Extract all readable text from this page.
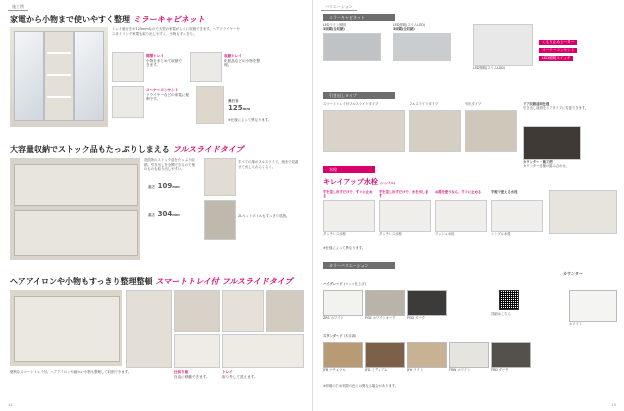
施工例
家電から小物まで使いやすく整理 ミラーキャビネット
トレイ奥行きが125mmなので大型の家電がらくに収納できます。ヘアドライヤーやスタイリング家電も取り出しやすく、小物もすっきり。
開閉トレイ
小物をまとめて収納できます。
収納トレイ
化粧品などの小物を整理。
コーナーコンセント
ドライヤーなどの家電に便利です。	奥行き
125mm
※仕様によって異なります。
大容量収納でストック品もたっぷりしまえる フルスライドタイプ
洗面所のストック品をたっぷり収納。引き出しを全開できるので奥のものも取り出しやすい。
高さ 109mm
高さ 304mm
すべての扉がフルスライド。奥まで見渡せて出し入れらくらく。
2Lペットボトルもすっきり収納。
ヘアアイロンや小物もすっきり整理整頓 スマートトレイ付 フルスライドタイプ
便利なスマートトレイ付。ヘアアイロンや細かい小物も整理して収納できます。	仕切り板
自由に移動できます。
トレイ
取り外して洗えます。
14
バリエーション
ミラーキャビネット
LEDライン照明
3面鏡(全収納)
LED照明(スリムLED)
3面鏡(全収納)
LED照明(スリムLED)
くもり止めヒーター
コーナーコンセント
LED照明スイッチ
引き出しタイプ
スマートトレイ付フルスライドタイプ	フルスライドタイプ	引出タイプ	ドア収納前面仕様
引き出し前面をドアタイプに変更できます。
カウンター・施工例
カウンター仕様の組み合わせ。
水栓
キレイアップ水栓 (ハンドル)
手を差し出すだけで、すぐに止める
タッチレス水栓
手を差し出すだけで、水を出します
タッチレス水栓
お湯を使うなら、すぐに止める
プッシュ水栓
手軽で使える水栓
シングル水栓
※仕様によって異なります。
カラーバリエーション
カウンター
ハイグレード (マット仕上げ)
ZRS ホワイト	PGE ホワイトオーク	PGD ダーク
詳細はこちら
ホワイト
スタンダード (木目調)
JFB ナチュラル	JFD ミディアム	JFH ライト	FRW ホワイト	FRD ダーク
※印刷のため実際の色とは異なる場合があります。
15
